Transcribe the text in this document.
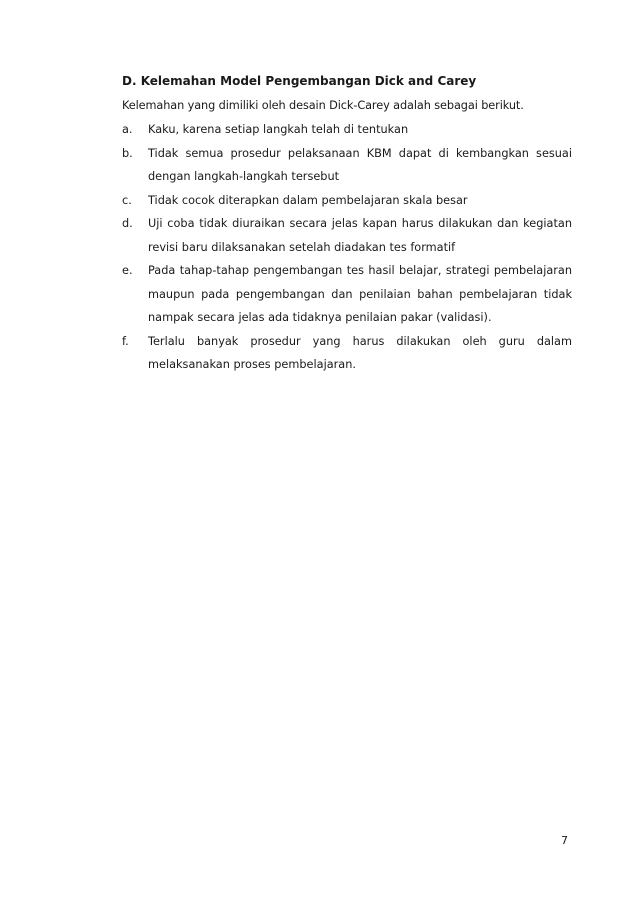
D. Kelemahan Model Pengembangan Dick and Carey
Kelemahan yang dimiliki oleh desain Dick-Carey adalah sebagai berikut.
a.	Kaku, karena setiap langkah telah di tentukan
b.	Tidak semua prosedur pelaksanaan KBM dapat di kembangkan sesuai dengan langkah-langkah tersebut
c.	Tidak cocok diterapkan dalam pembelajaran skala besar
d.	Uji coba tidak diuraikan secara jelas kapan harus dilakukan dan kegiatan revisi baru dilaksanakan setelah diadakan tes formatif
e.	Pada tahap-tahap pengembangan tes hasil belajar, strategi pembelajaran maupun pada pengembangan dan penilaian bahan pembelajaran tidak nampak secara jelas ada tidaknya penilaian pakar (validasi).
f.	Terlalu banyak prosedur yang harus dilakukan oleh guru dalam melaksanakan proses pembelajaran.
7
